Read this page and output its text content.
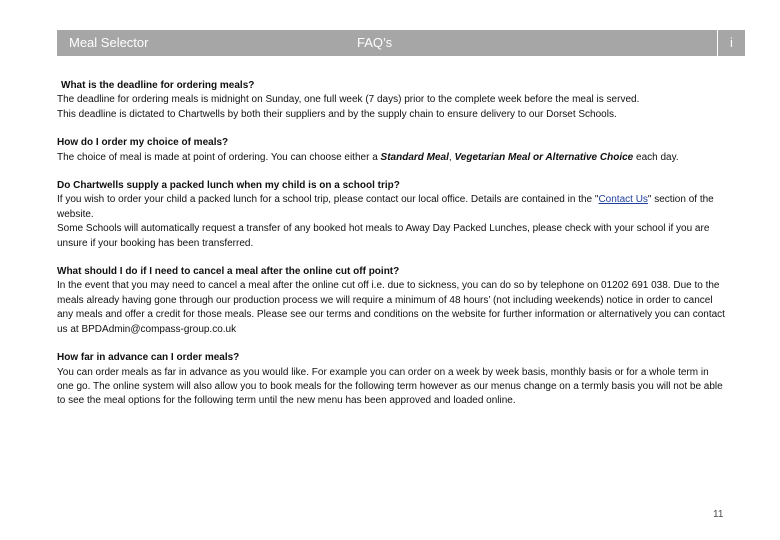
Meal Selector	FAQ’s	i

What is the deadline for ordering meals?

The deadline for ordering meals is midnight on Sunday, one full week (7 days) prior to the complete week before the meal is served.

This deadline is dictated to Chartwells by both their suppliers and by the supply chain to ensure delivery to our Dorset Schools.

How do I order my choice of meals?

The choice of meal is made at point of ordering. You can choose either a Standard Meal, Vegetarian Meal or Alternative Choice each day.

Do Chartwells supply a packed lunch when my child is on a school trip?

If you wish to order your child a packed lunch for a school trip, please contact our local office. Details are contained in the "Contact Us" section of the website.

Some Schools will automatically request a transfer of any booked hot meals to Away Day Packed Lunches, please check with your school if you are unsure if your booking has been transferred.

What should I do if I need to cancel a meal after the online cut off point?

In the event that you may need to cancel a meal after the online cut off i.e. due to sickness, you can do so by telephone on 01202 691 038. Due to the meals already having gone through our production process we will require a minimum of 48 hours’ (not including weekends) notice in order to cancel any meals and offer a credit for those meals. Please see our terms and conditions on the website for further information or alternatively you can contact us at BPDAdmin@compass-group.co.uk

How far in advance can I order meals?

You can order meals as far in advance as you would like. For example you can order on a week by week basis, monthly basis or for a whole term in one go. The online system will also allow you to book meals for the following term however as our menus change on a termly basis you will not be able to see the meal options for the following term until the new menu has been approved and loaded online.

11
